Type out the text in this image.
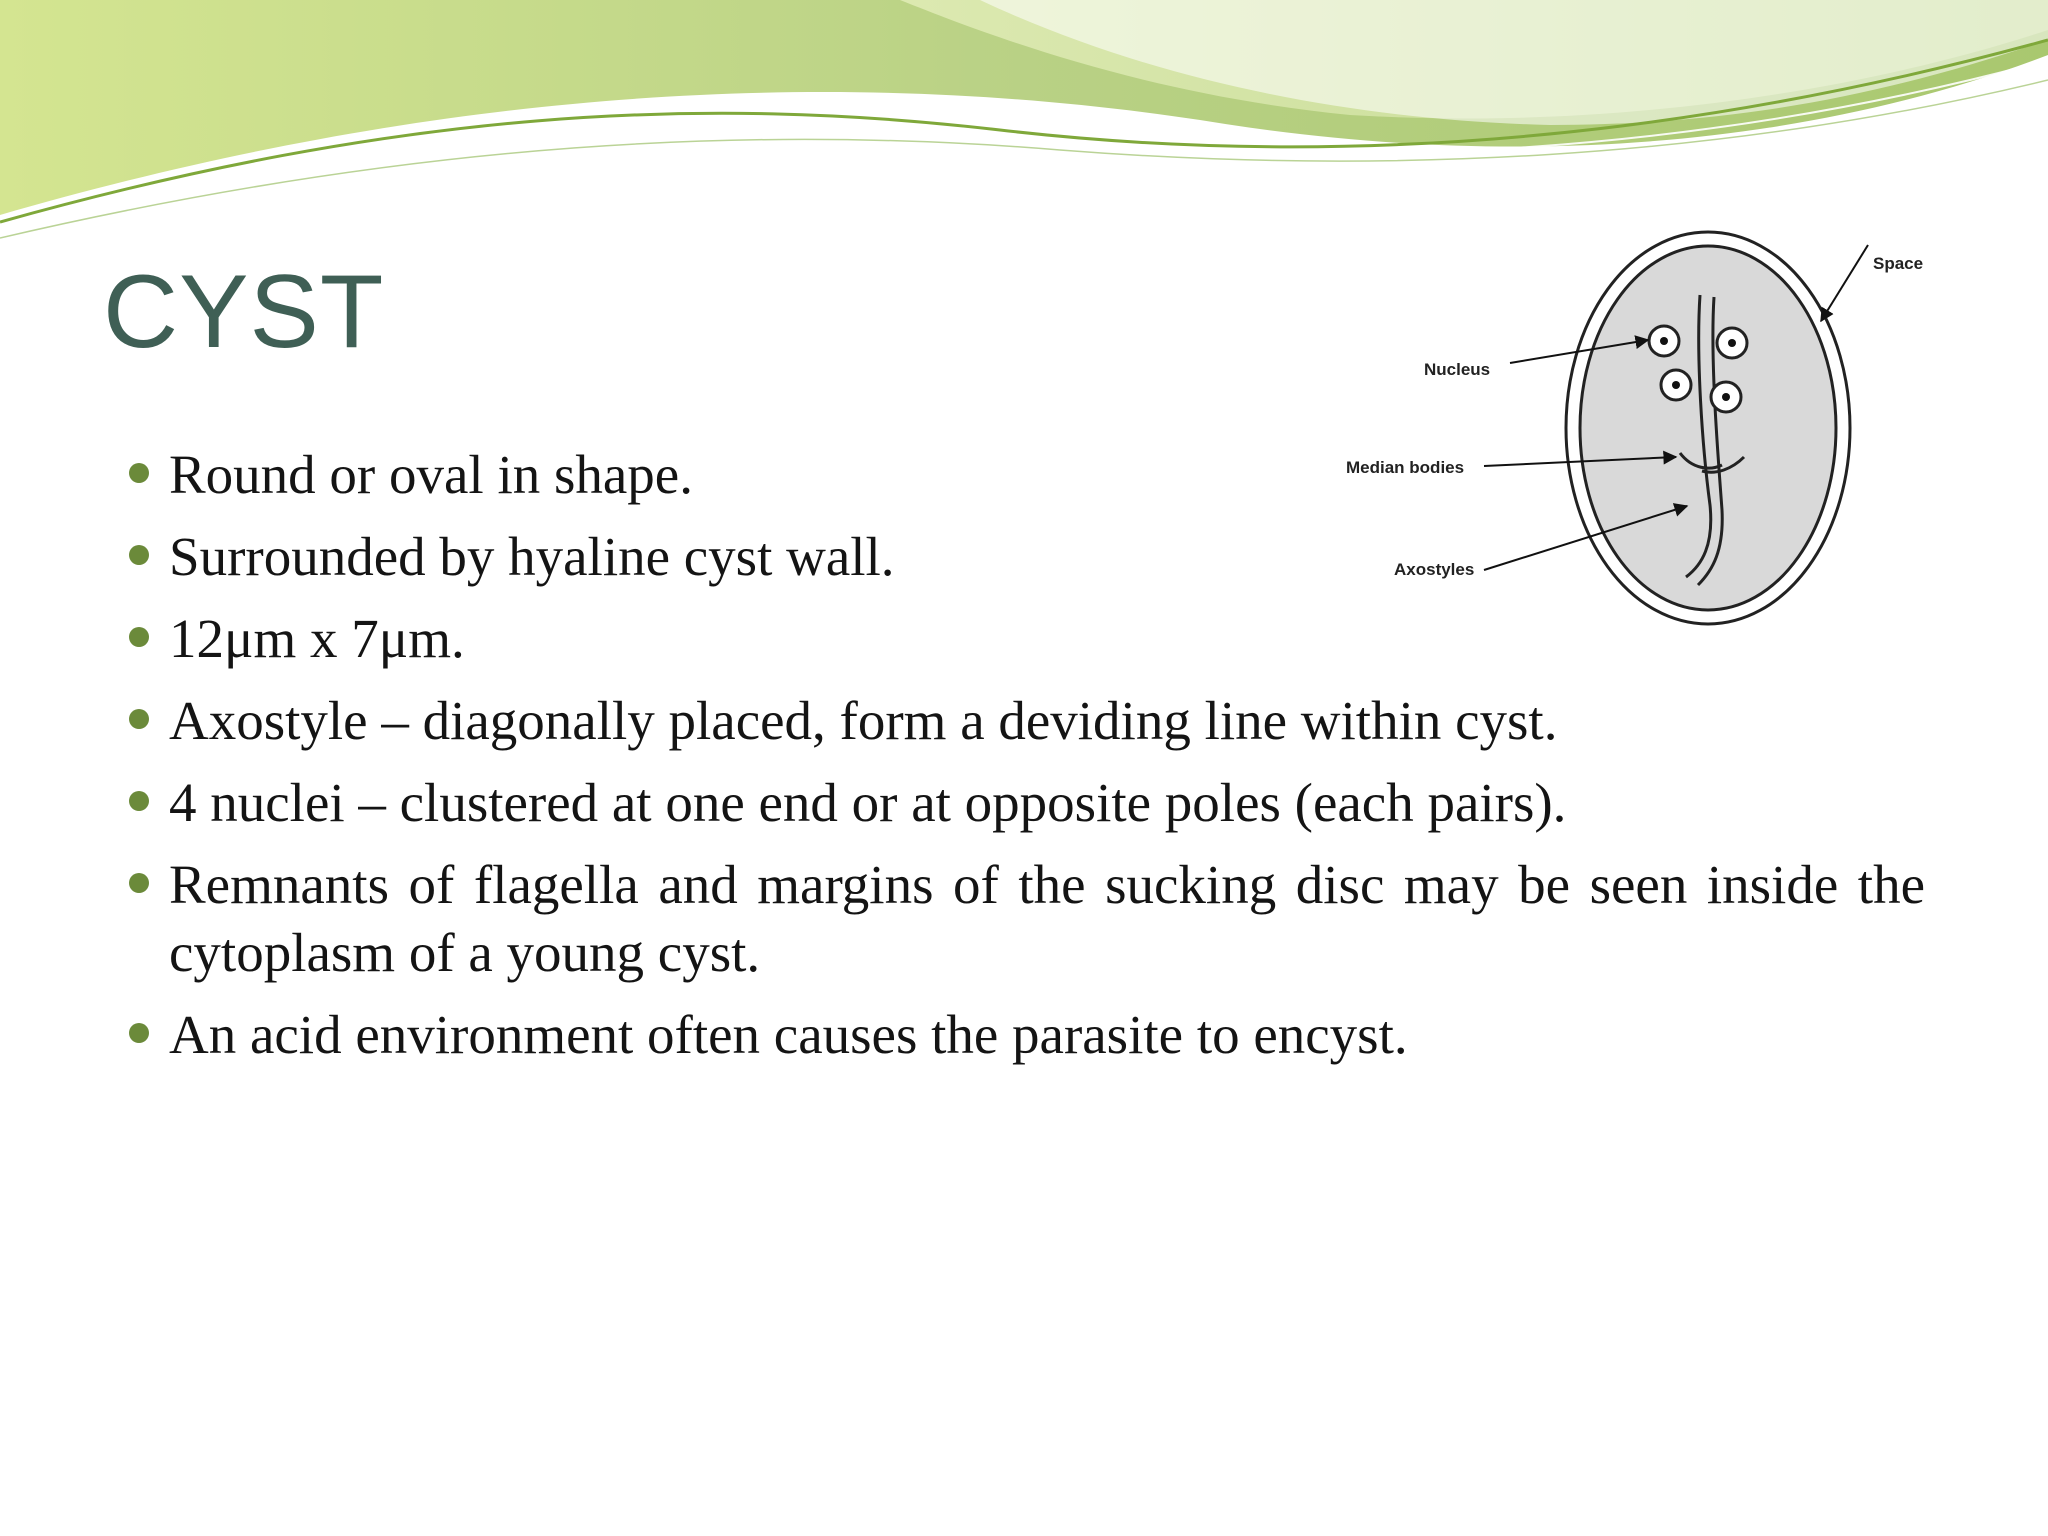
CYST
Round or oval in shape.
Surrounded by hyaline cyst wall.
12μm x 7μm.
Axostyle – diagonally placed, form a deviding line within cyst.
4 nuclei – clustered at one end or at opposite poles (each pairs).
Remnants of flagella and margins of the sucking disc may be seen inside the cytoplasm of a young cyst.
An acid environment often causes the parasite to encyst.
Space
Nucleus
Median bodies
Axostyles
